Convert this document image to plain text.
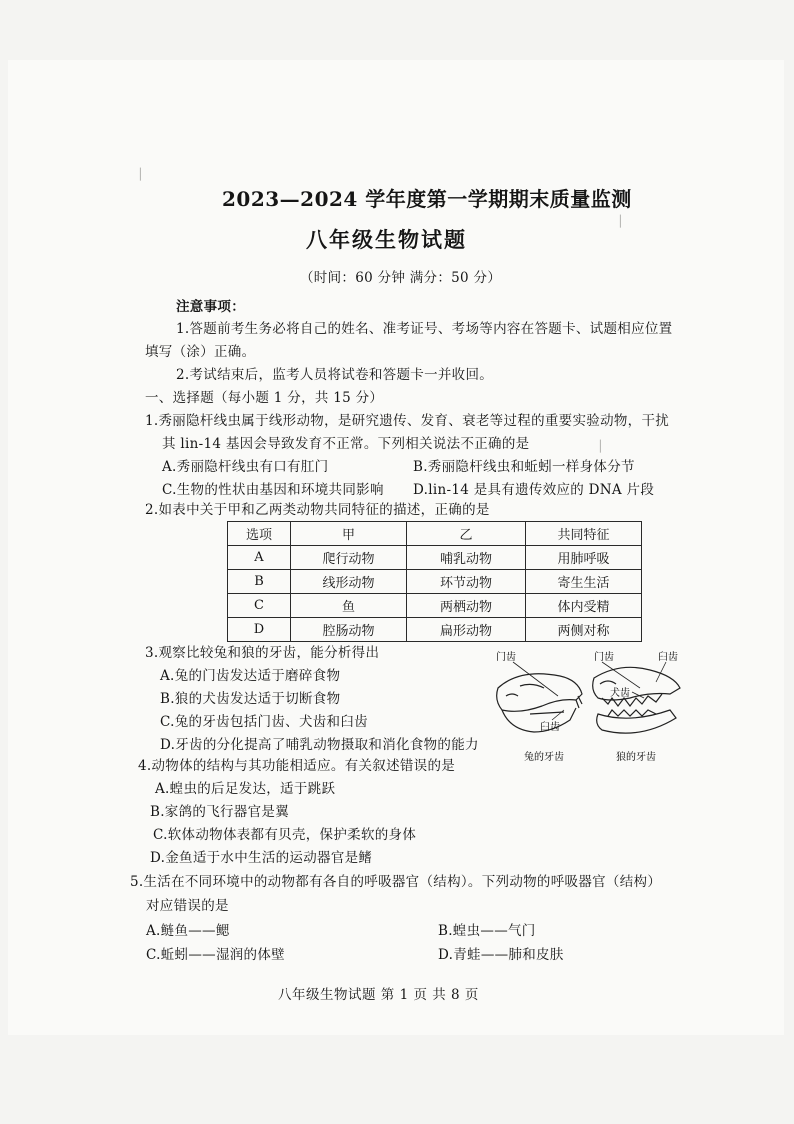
▏
▏
▏
2023—2024 学年度第一学期期末质量监测
八年级生物试题
（时间：60 分钟 满分：50 分）
注意事项：
1.答题前考生务必将自己的姓名、准考证号、考场等内容在答题卡、试题相应位置
填写（涂）正确。
2.考试结束后，监考人员将试卷和答题卡一并收回。
一、选择题（每小题 1 分，共 15 分）
1.秀丽隐杆线虫属于线形动物，是研究遗传、发育、衰老等过程的重要实验动物，干扰
其 lin-14 基因会导致发育不正常。下列相关说法不正确的是
A.秀丽隐杆线虫有口有肛门	B.秀丽隐杆线虫和蚯蚓一样身体分节
C.生物的性状由基因和环境共同影响 D.lin-14 是具有遗传效应的 DNA 片段
2.如表中关于甲和乙两类动物共同特征的描述，正确的是
选项	甲	乙	共同特征
A	爬行动物	哺乳动物	用肺呼吸
B	线形动物	环节动物	寄生生活
C	鱼	两栖动物	体内受精
D	腔肠动物	扁形动物	两侧对称
3.观察比较兔和狼的牙齿，能分析得出
A.兔的门齿发达适于磨碎食物
B.狼的犬齿发达适于切断食物
C.兔的牙齿包括门齿、犬齿和臼齿
D.牙齿的分化提高了哺乳动物摄取和消化食物的能力
门齿	门齿	臼齿
犬齿
臼齿
兔的牙齿	狼的牙齿
4.动物体的结构与其功能相适应。有关叙述错误的是
A.蝗虫的后足发达，适于跳跃
B.家鸽的飞行器官是翼
C.软体动物体表都有贝壳，保护柔软的身体
D.金鱼适于水中生活的运动器官是鳍
5.生活在不同环境中的动物都有各自的呼吸器官（结构）。下列动物的呼吸器官（结构）
对应错误的是
A.鲢鱼——鳃	B.蝗虫——气门
C.蚯蚓——湿润的体壁	D.青蛙——肺和皮肤
八年级生物试题 第 1 页 共 8 页
